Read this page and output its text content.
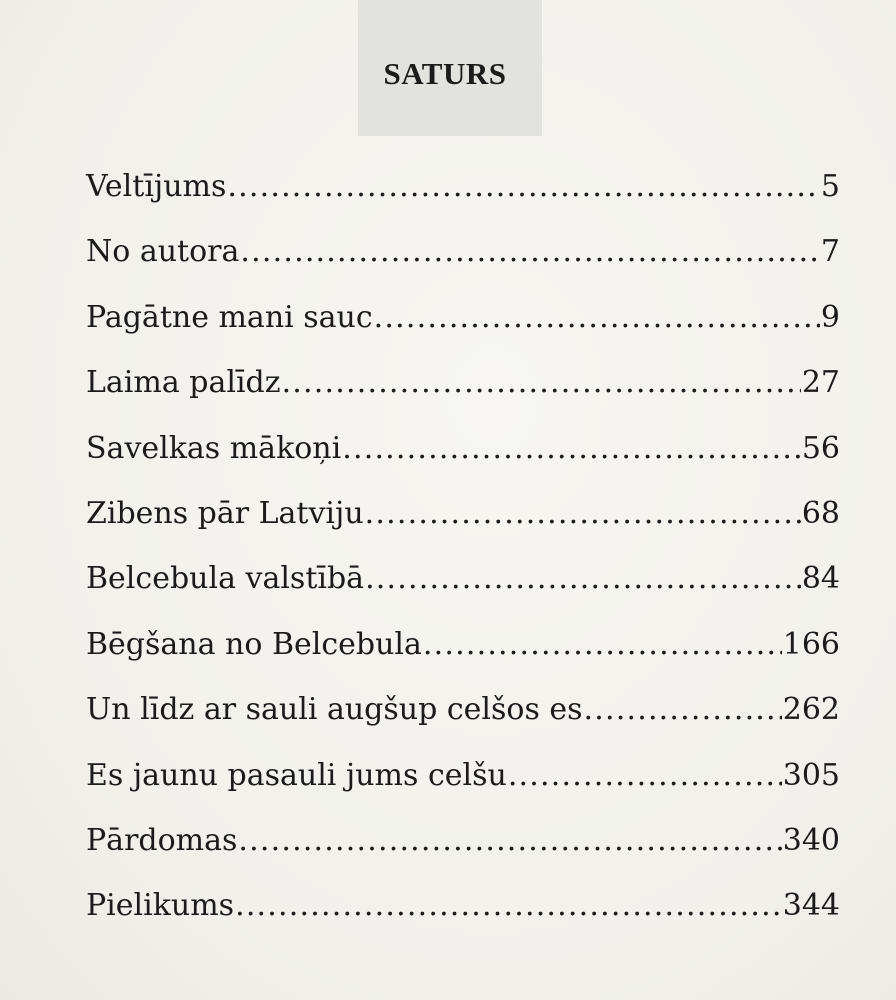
SATURS
Veltījums .....	5
No autora .....	7
Pagātne mani sauc .....	9
Laima palīdz .....	27
Savelkas mākoņi .....	56
Zibens pār Latviju .....	68
Belcebula valstībā .....	84
Bēgšana no Belcebula .....	166
Un līdz ar sauli augšup celšos es .....	262
Es jaunu pasauli jums celšu .....	305
Pārdomas .....	340
Pielikums .....	344
